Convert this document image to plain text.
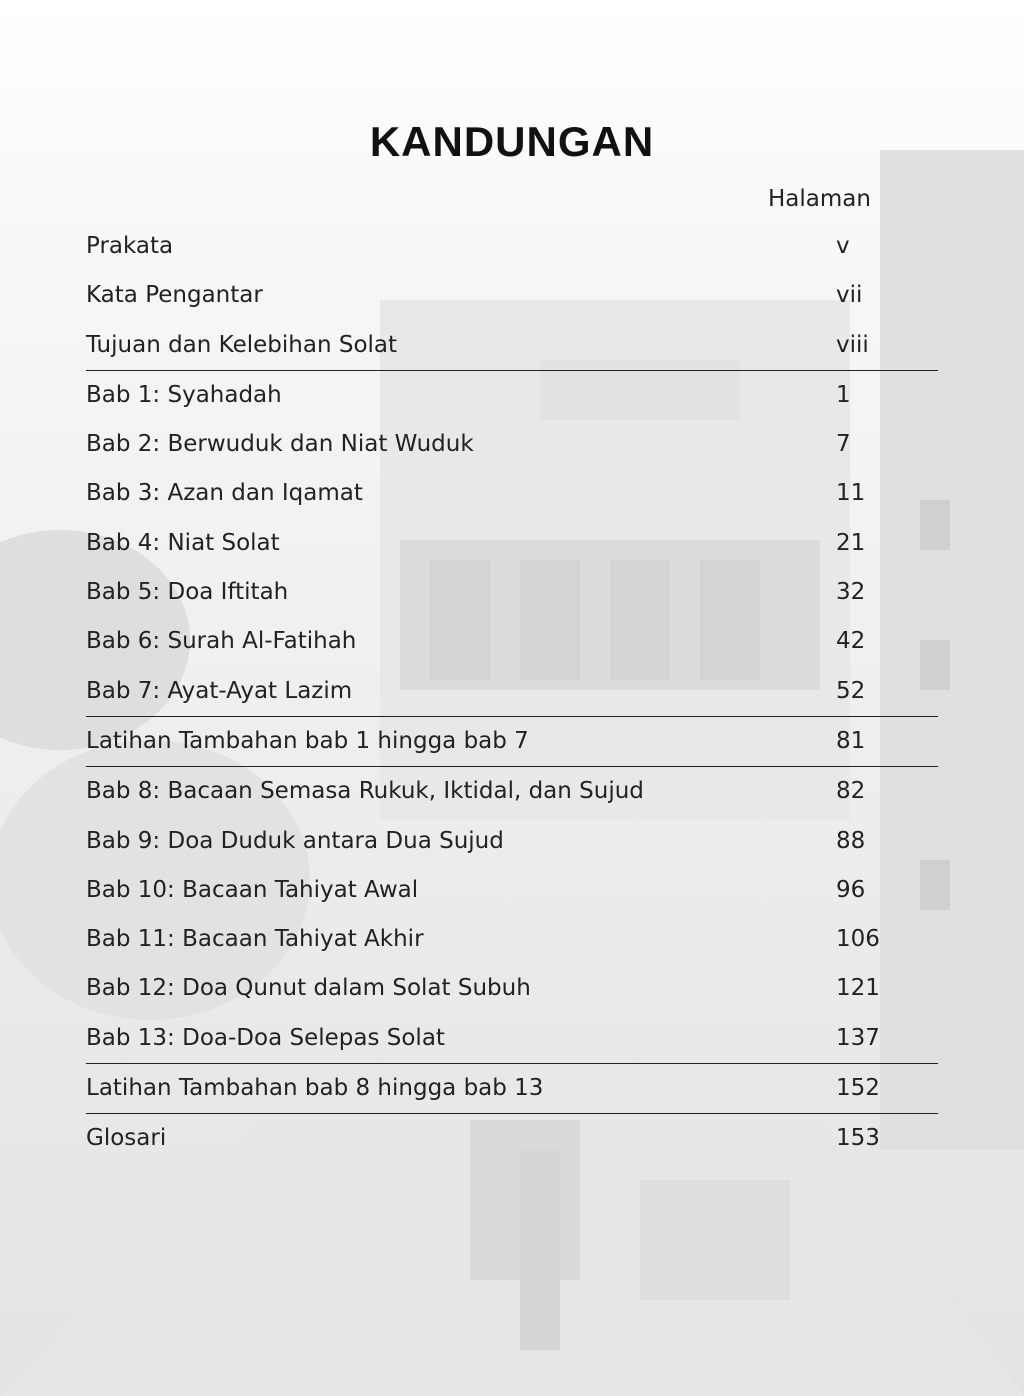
KANDUNGAN
Halaman
Prakata	v
Kata Pengantar	vii
Tujuan dan Kelebihan Solat	viii
Bab 1: Syahadah	1
Bab 2: Berwuduk dan Niat Wuduk	7
Bab 3: Azan dan Iqamat	11
Bab 4: Niat Solat	21
Bab 5: Doa Iftitah	32
Bab 6: Surah Al-Fatihah	42
Bab 7: Ayat-Ayat Lazim	52
Latihan Tambahan bab 1 hingga bab 7	81
Bab 8: Bacaan Semasa Rukuk, Iktidal, dan Sujud	82
Bab 9: Doa Duduk antara Dua Sujud	88
Bab 10: Bacaan Tahiyat Awal	96
Bab 11: Bacaan Tahiyat Akhir	106
Bab 12: Doa Qunut dalam Solat Subuh	121
Bab 13: Doa-Doa Selepas Solat	137
Latihan Tambahan bab 8 hingga bab 13	152
Glosari	153
